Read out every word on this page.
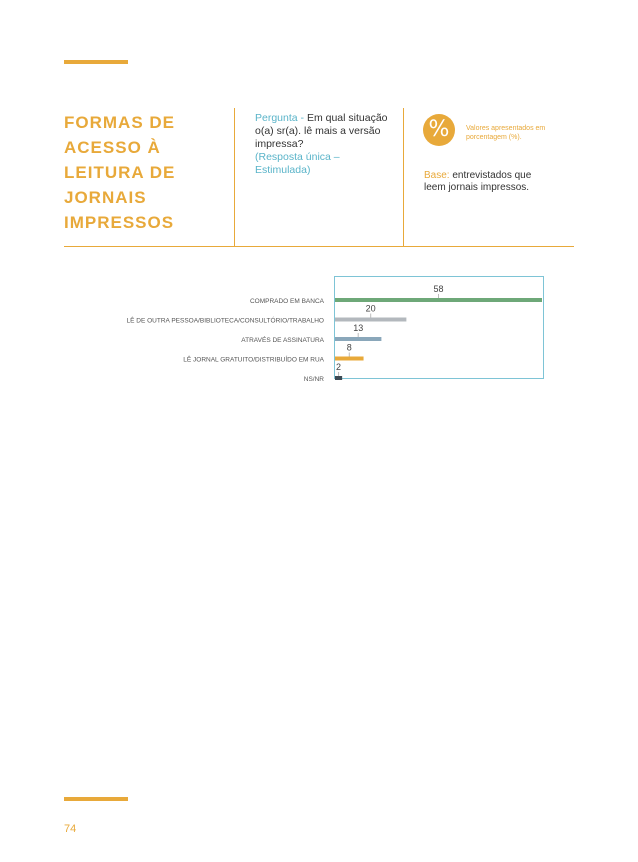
FORMAS DE
ACESSO À
LEITURA DE
JORNAIS
IMPRESSOS
Pergunta - Em qual situação o(a) sr(a). lê mais a versão impressa?
(Resposta única – Estimulada)
%	Valores apresentados em porcentagem (%).
Base: entrevistados que leem jornais impressos.
58
COMPRADO EM BANCA
20
LÊ DE OUTRA PESSOA/BIBLIOTECA/CONSULTÓRIO/TRABALHO
13
ATRAVÉS DE ASSINATURA
8
LÊ JORNAL GRATUITO/DISTRIBUÍDO EM RUA
2
NS/NR
74
